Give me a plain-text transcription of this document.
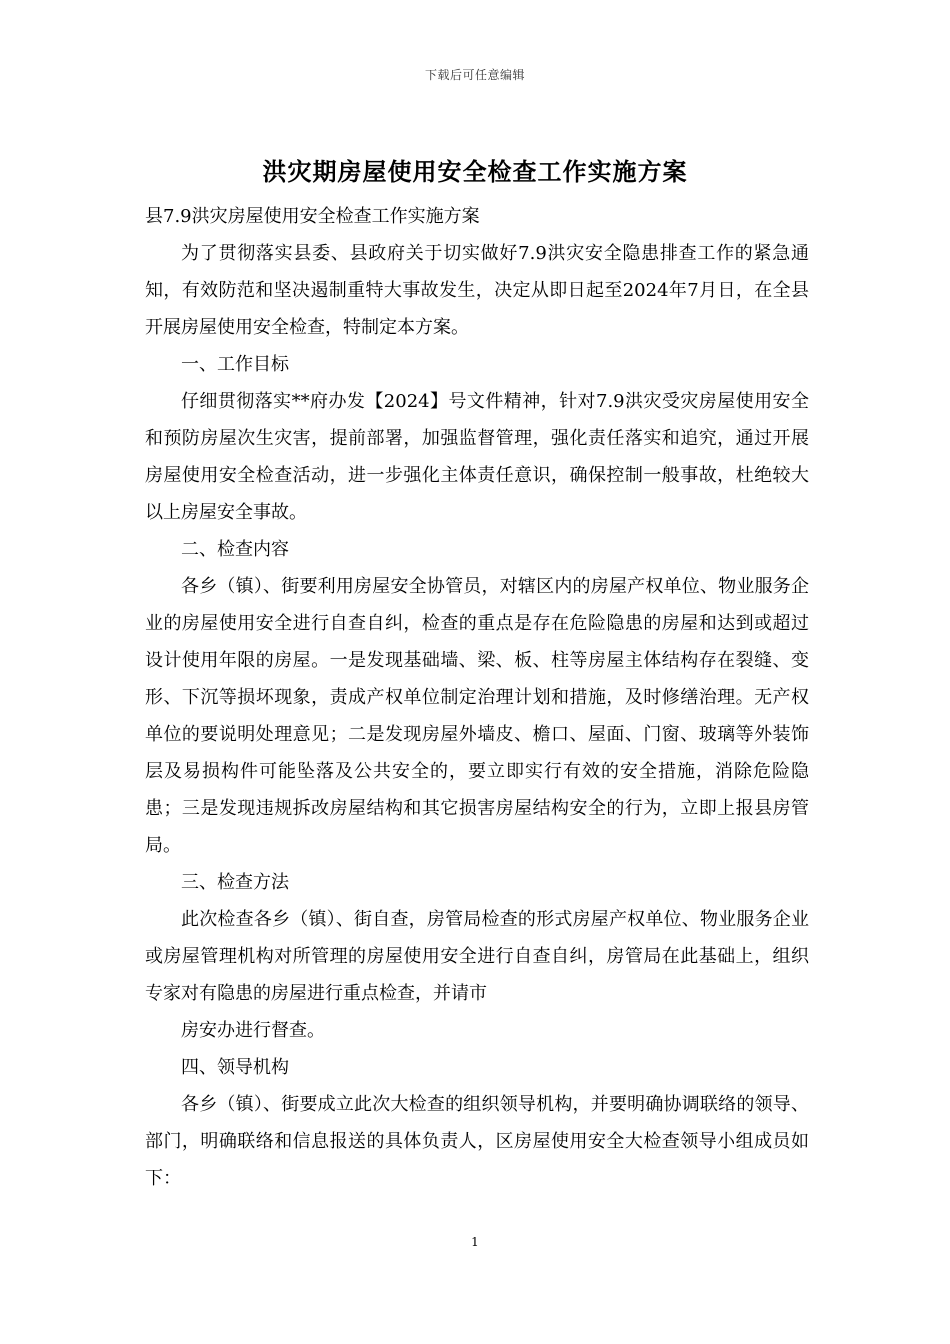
下载后可任意编辑
洪灾期房屋使用安全检查工作实施方案

县7.9洪灾房屋使用安全检查工作实施方案

为了贯彻落实县委、县政府关于切实做好7.9洪灾安全隐患排查工作的紧急通知，有效防范和坚决遏制重特大事故发生，决定从即日起至2024年7月日，在全县开展房屋使用安全检查，特制定本方案。

一、工作目标

仔细贯彻落实**府办发【2024】号文件精神，针对7.9洪灾受灾房屋使用安全和预防房屋次生灾害，提前部署，加强监督管理，强化责任落实和追究，通过开展房屋使用安全检查活动，进一步强化主体责任意识，确保控制一般事故，杜绝较大以上房屋安全事故。

二、检查内容

各乡（镇）、街要利用房屋安全协管员，对辖区内的房屋产权单位、物业服务企业的房屋使用安全进行自查自纠，检查的重点是存在危险隐患的房屋和达到或超过设计使用年限的房屋。一是发现基础墙、梁、板、柱等房屋主体结构存在裂缝、变形、下沉等损坏现象，责成产权单位制定治理计划和措施，及时修缮治理。无产权单位的要说明处理意见；二是发现房屋外墙皮、檐口、屋面、门窗、玻璃等外装饰层及易损构件可能坠落及公共安全的，要立即实行有效的安全措施，消除危险隐患；三是发现违规拆改房屋结构和其它损害房屋结构安全的行为，立即上报县房管局。

三、检查方法

此次检查各乡（镇）、街自查，房管局检查的形式房屋产权单位、物业服务企业或房屋管理机构对所管理的房屋使用安全进行自查自纠，房管局在此基础上，组织专家对有隐患的房屋进行重点检查，并请市

房安办进行督查。

四、领导机构

各乡（镇）、街要成立此次大检查的组织领导机构，并要明确协调联络的领导、部门，明确联络和信息报送的具体负责人，区房屋使用安全大检查领导小组成员如下：

1
